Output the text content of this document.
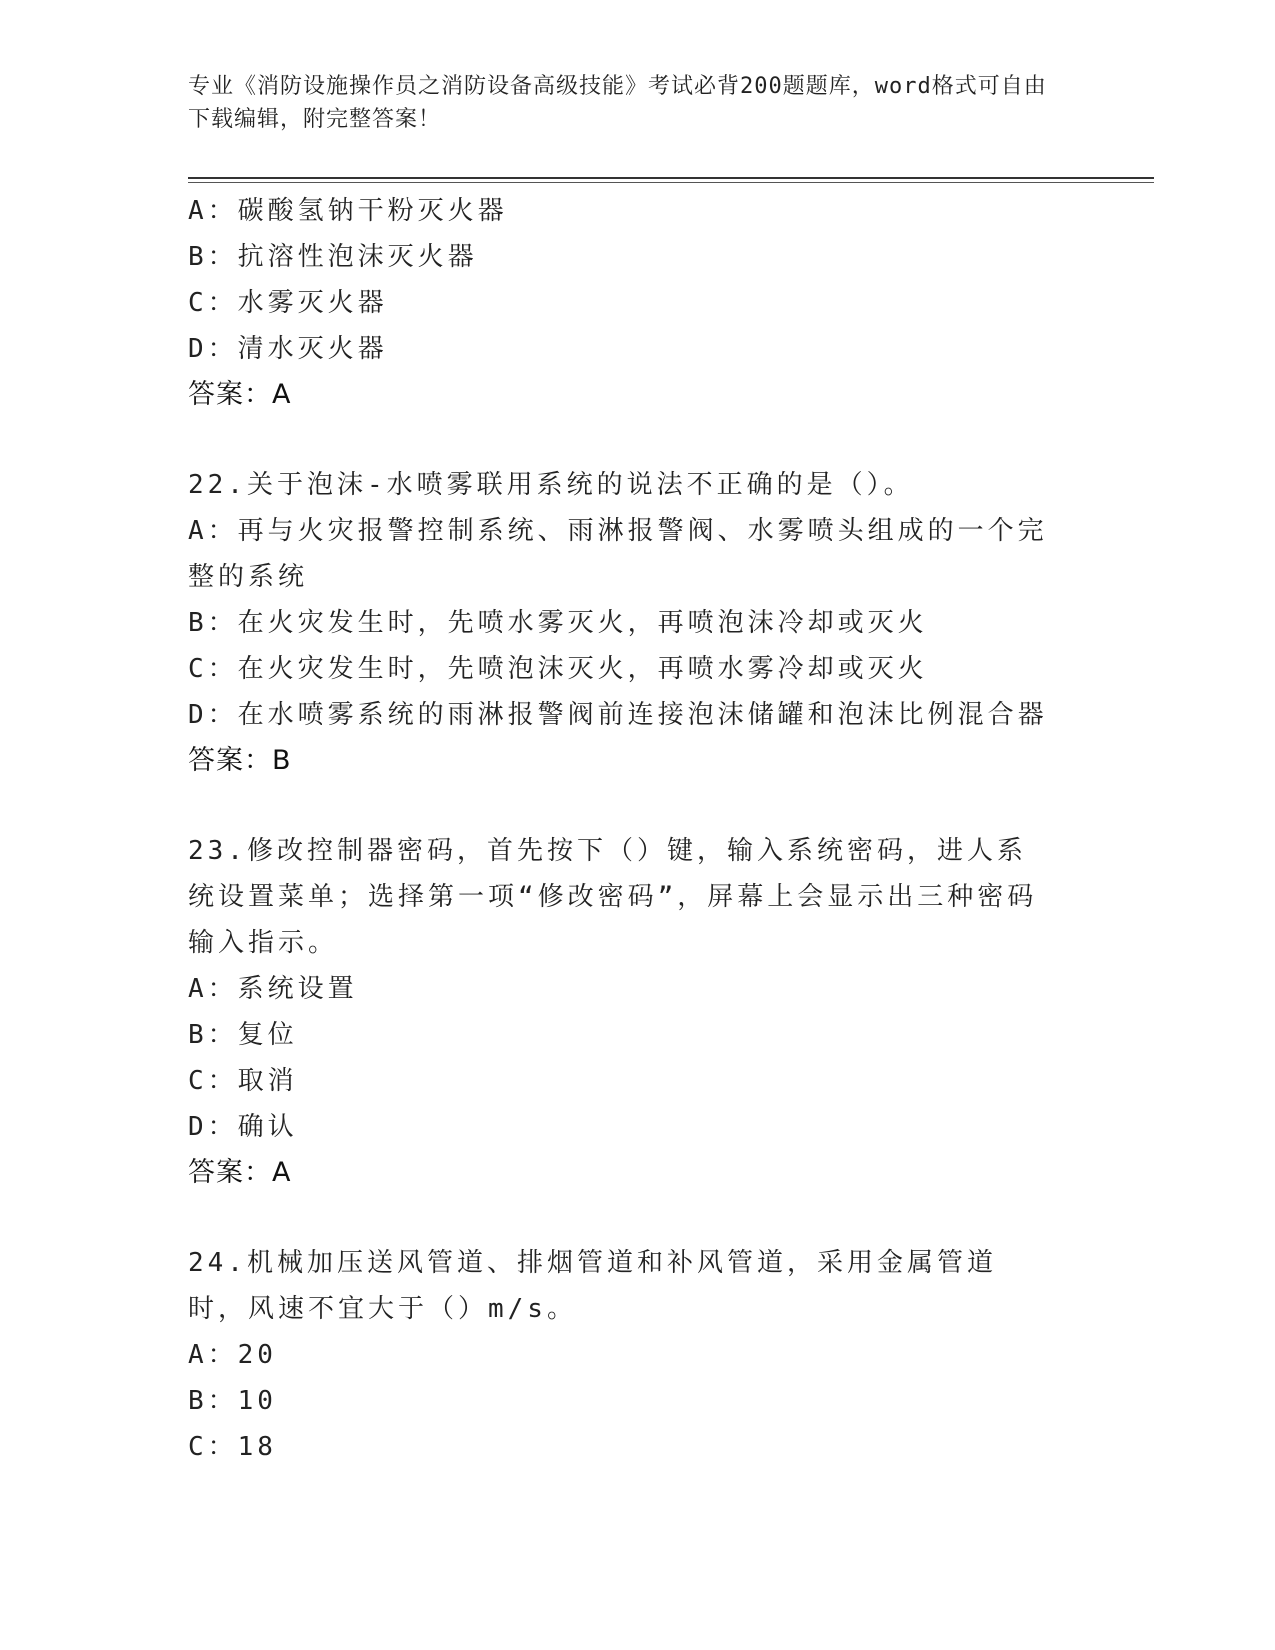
专业《消防设施操作员之消防设备高级技能》考试必背200题题库，word格式可自由下载编辑，附完整答案！
A：碳酸氢钠干粉灭火器
B：抗溶性泡沫灭火器
C：水雾灭火器
D：清水灭火器
答案：A
22.关于泡沫-水喷雾联用系统的说法不正确的是（）。
A：再与火灾报警控制系统、雨淋报警阀、水雾喷头组成的一个完整的系统
B：在火灾发生时，先喷水雾灭火，再喷泡沫冷却或灭火
C：在火灾发生时，先喷泡沫灭火，再喷水雾冷却或灭火
D：在水喷雾系统的雨淋报警阀前连接泡沫储罐和泡沫比例混合器
答案：B
23.修改控制器密码，首先按下（）键，输入系统密码，进人系统设置菜单；选择第一项“修改密码”，屏幕上会显示出三种密码输入指示。
A：系统设置
B：复位
C：取消
D：确认
答案：A
24.机械加压送风管道、排烟管道和补风管道，采用金属管道时，风速不宜大于（）m/s。
A：20
B：10
C：18
